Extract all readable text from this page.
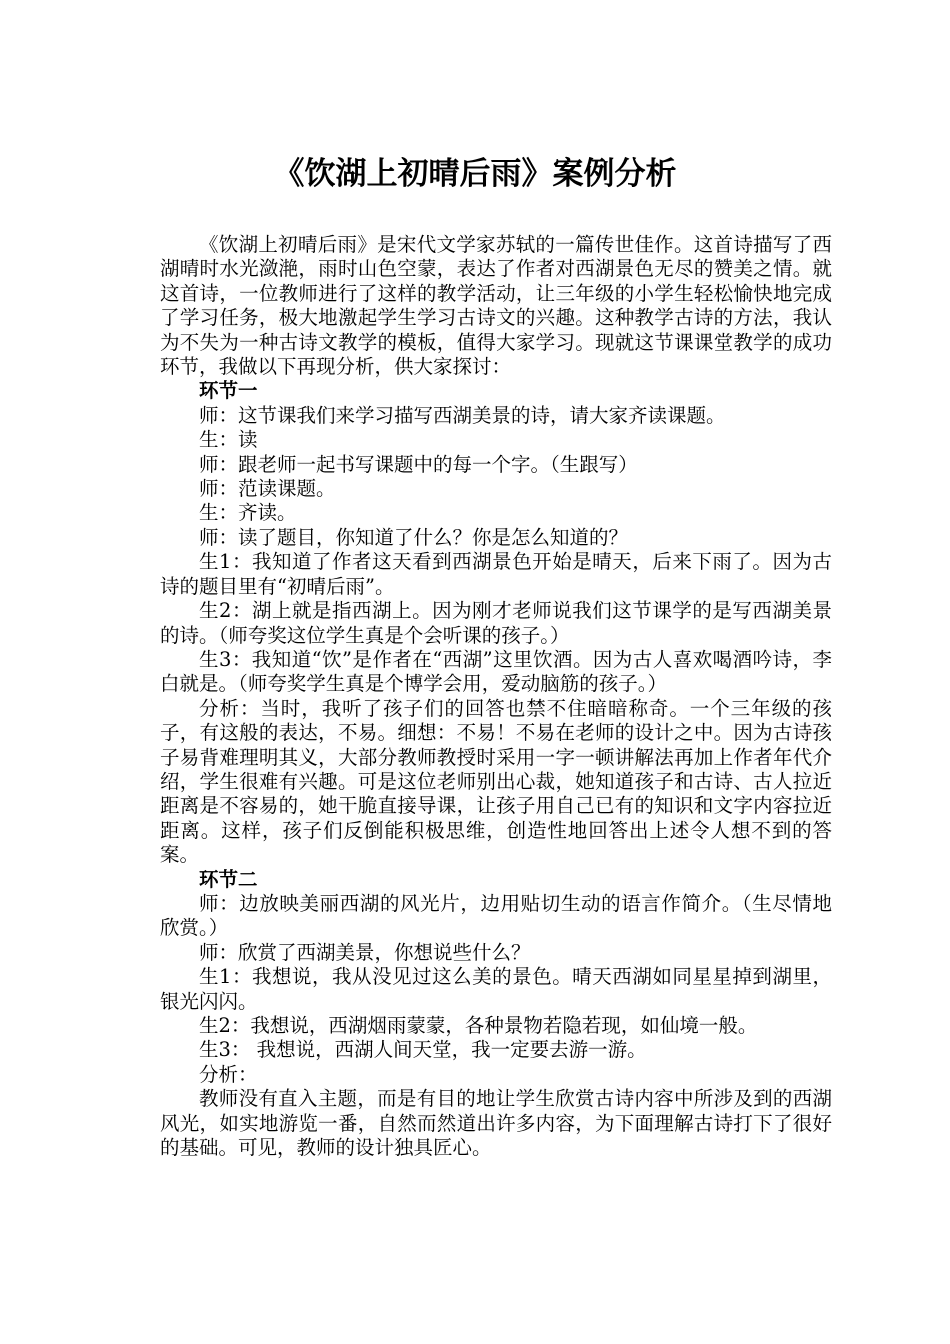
《饮湖上初晴后雨》案例分析

《饮湖上初晴后雨》是宋代文学家苏轼的一篇传世佳作。这首诗描写了西湖晴时水光潋滟，雨时山色空蒙，表达了作者对西湖景色无尽的赞美之情。就这首诗，一位教师进行了这样的教学活动，让三年级的小学生轻松愉快地完成了学习任务，极大地激起学生学习古诗文的兴趣。这种教学古诗的方法，我认为不失为一种古诗文教学的模板，值得大家学习。现就这节课课堂教学的成功环节，我做以下再现分析，供大家探讨：

环节一

师：这节课我们来学习描写西湖美景的诗，请大家齐读课题。

生：读

师：跟老师一起书写课题中的每一个字。（生跟写）

师：范读课题。

生：齐读。

师：读了题目，你知道了什么？你是怎么知道的？

生1：我知道了作者这天看到西湖景色开始是晴天，后来下雨了。因为古诗的题目里有“初晴后雨”。

生2：湖上就是指西湖上。因为刚才老师说我们这节课学的是写西湖美景的诗。（师夸奖这位学生真是个会听课的孩子。）

生3：我知道“饮”是作者在“西湖”这里饮酒。因为古人喜欢喝酒吟诗，李白就是。（师夸奖学生真是个博学会用，爱动脑筋的孩子。）

分析：当时，我听了孩子们的回答也禁不住暗暗称奇。一个三年级的孩子，有这般的表达，不易。细想：不易！不易在老师的设计之中。因为古诗孩子易背难理明其义，大部分教师教授时采用一字一顿讲解法再加上作者年代介绍，学生很难有兴趣。可是这位老师别出心裁，她知道孩子和古诗、古人拉近距离是不容易的，她干脆直接导课，让孩子用自己已有的知识和文字内容拉近距离。这样，孩子们反倒能积极思维，创造性地回答出上述令人想不到的答案。

环节二

师：边放映美丽西湖的风光片，边用贴切生动的语言作简介。（生尽情地欣赏。）

师：欣赏了西湖美景，你想说些什么？

生1：我想说，我从没见过这么美的景色。晴天西湖如同星星掉到湖里，银光闪闪。

生2：我想说，西湖烟雨蒙蒙，各种景物若隐若现，如仙境一般。

生3： 我想说，西湖人间天堂，我一定要去游一游。

分析：

教师没有直入主题，而是有目的地让学生欣赏古诗内容中所涉及到的西湖风光，如实地游览一番，自然而然道出许多内容，为下面理解古诗打下了很好的基础。可见，教师的设计独具匠心。
